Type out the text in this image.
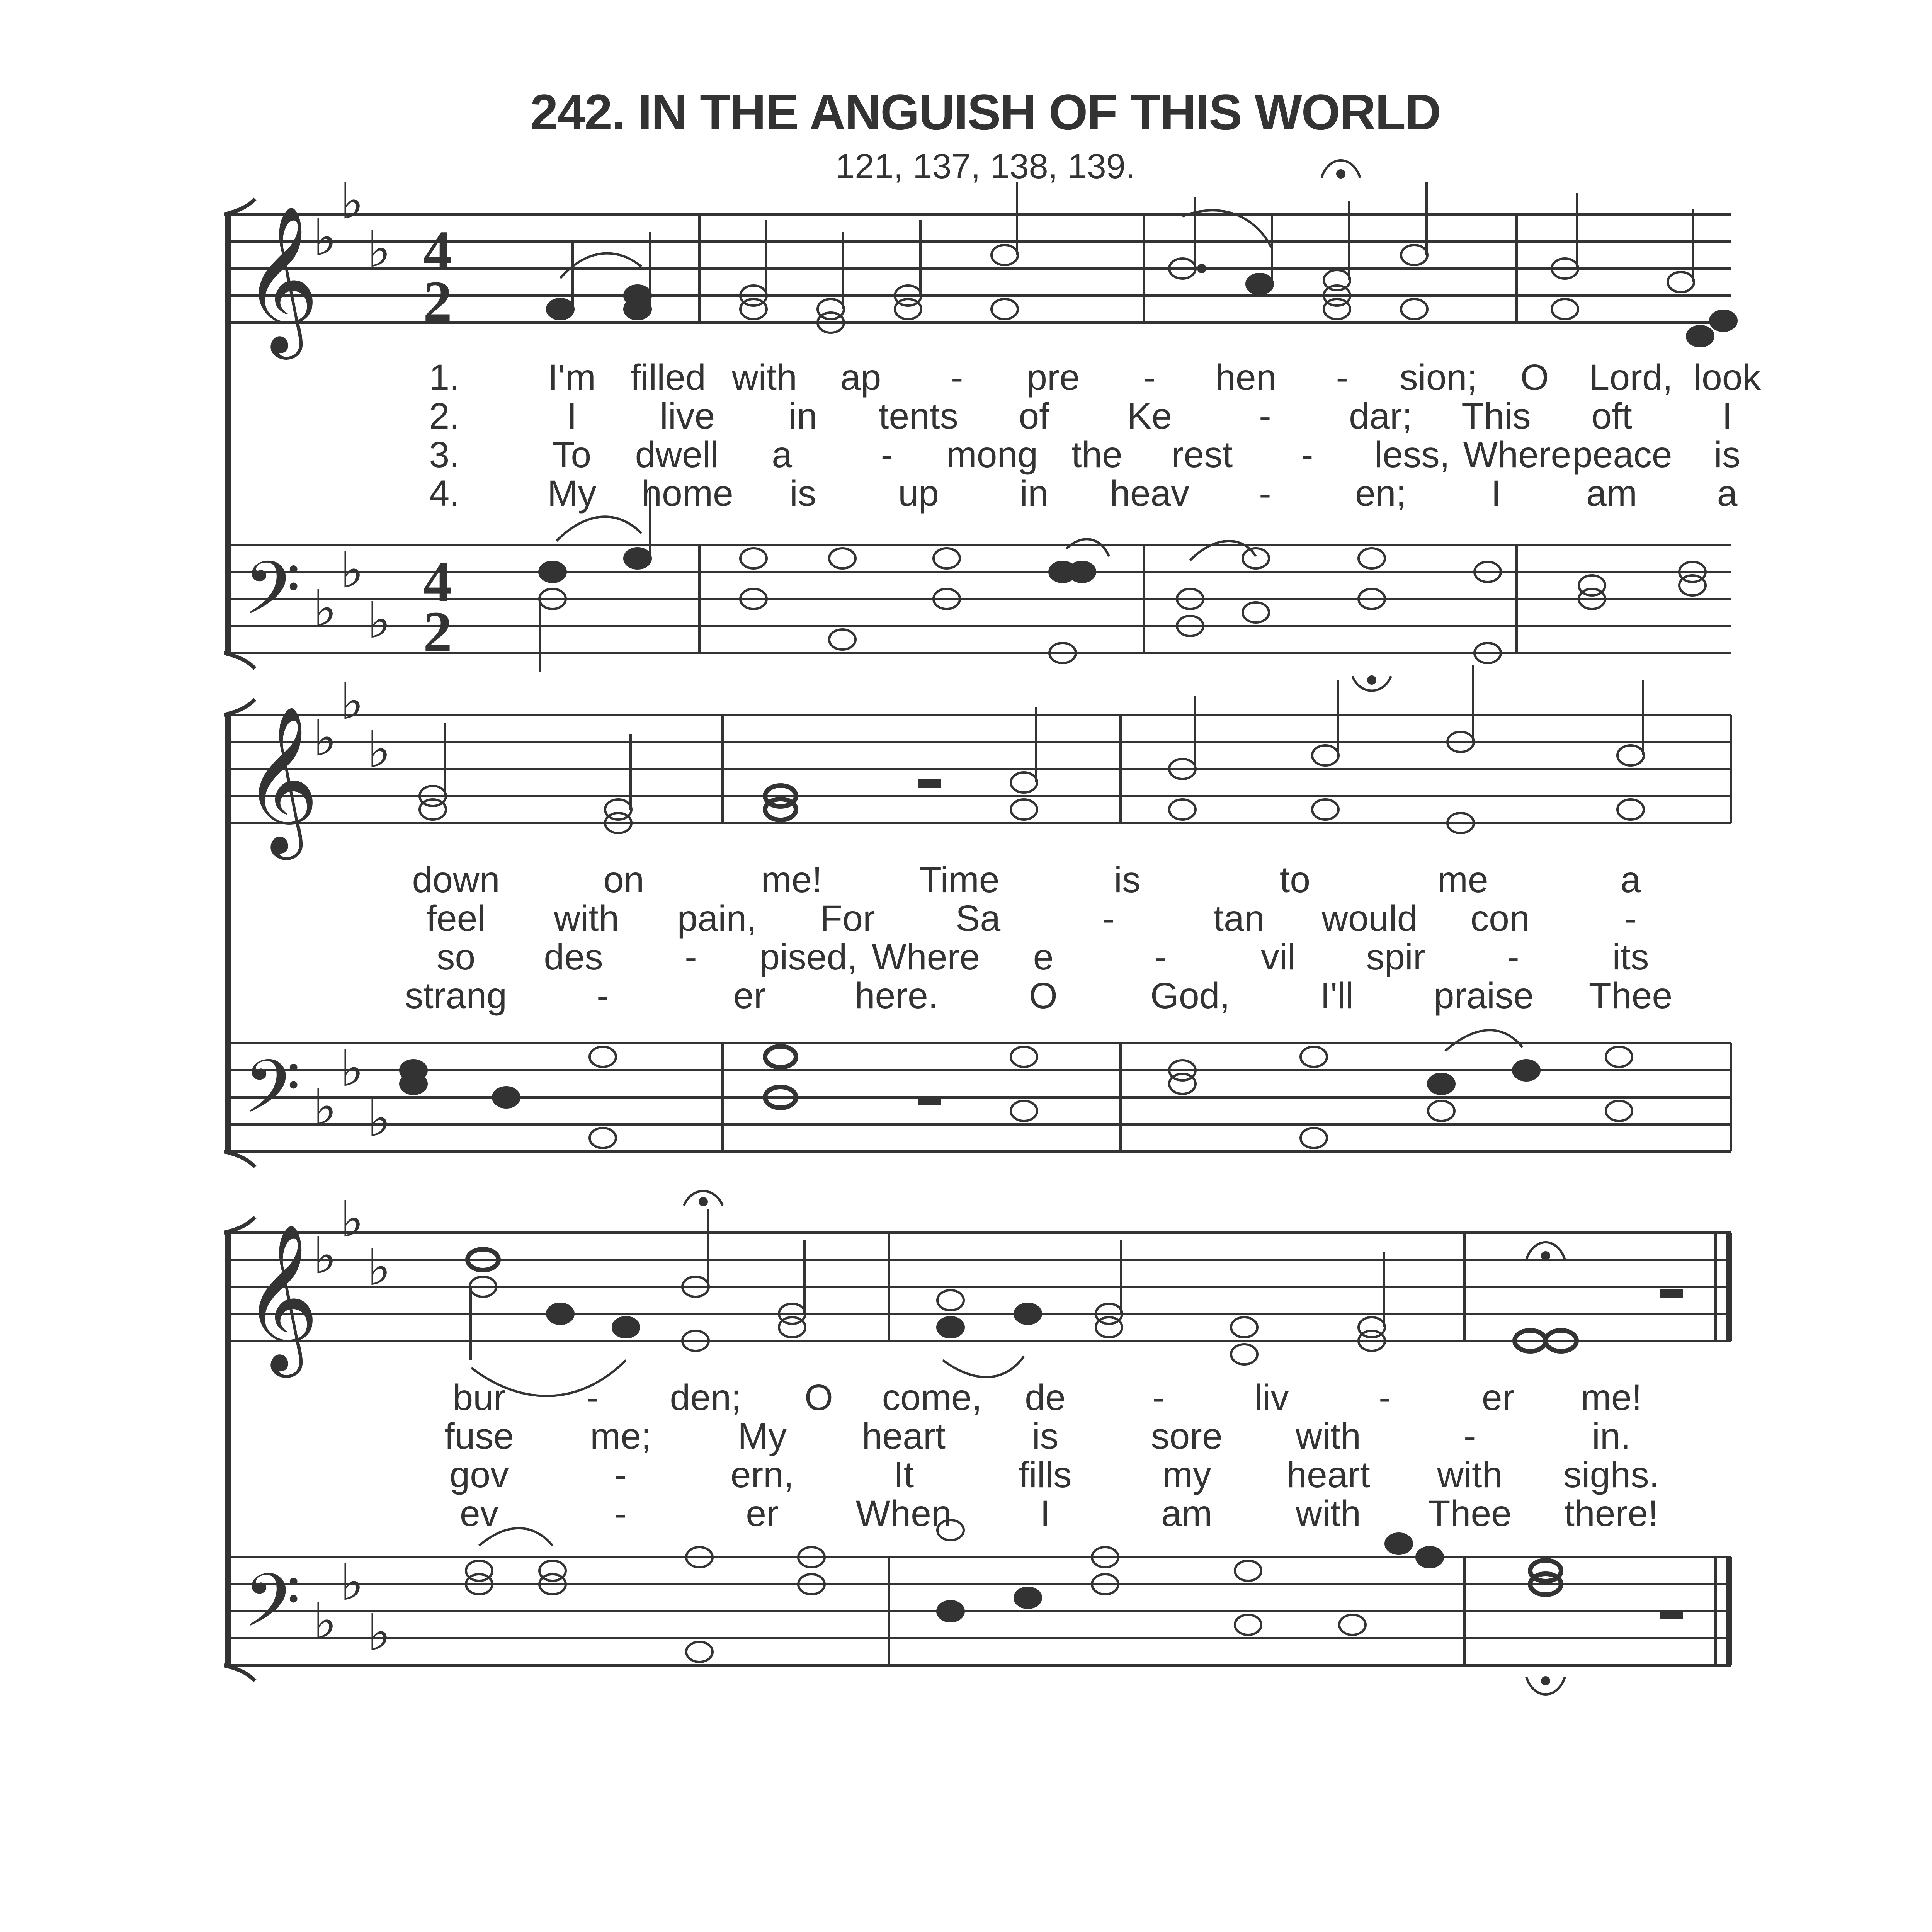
242. IN THE ANGUISH OF THIS WORLD
121, 137, 138, 139.
𝄞
♭
♭
♭ 4
2
𝄢 ♭
♭
♭
4
2
1.
2.
3.
4.
I'm filled with ap - pre - hen - sion; O Lord, look
I live in tents of Ke - dar; This oft I
To dwell a - mong the rest - less, Where peace is
My home is up in heav - en; I am a
𝄞
♭
♭
♭
𝄢 ♭
♭
♭
down	on	me!	Time	is	to	me	a
feel with pain, For Sa	-	tan would con	-
so des - pised, Where e	-	vil spir -	its
strang -	er here. O	God, I'll praise Thee
𝄞
♭
♭
♭
𝄢 ♭
♭
♭
bur - den; O come, de - liv - er me!
fuse me; My heart is	sore with	-	in.
gov	-	ern,	It	fills my heart with sighs.
ev	-	er When I	am with Thee there!
